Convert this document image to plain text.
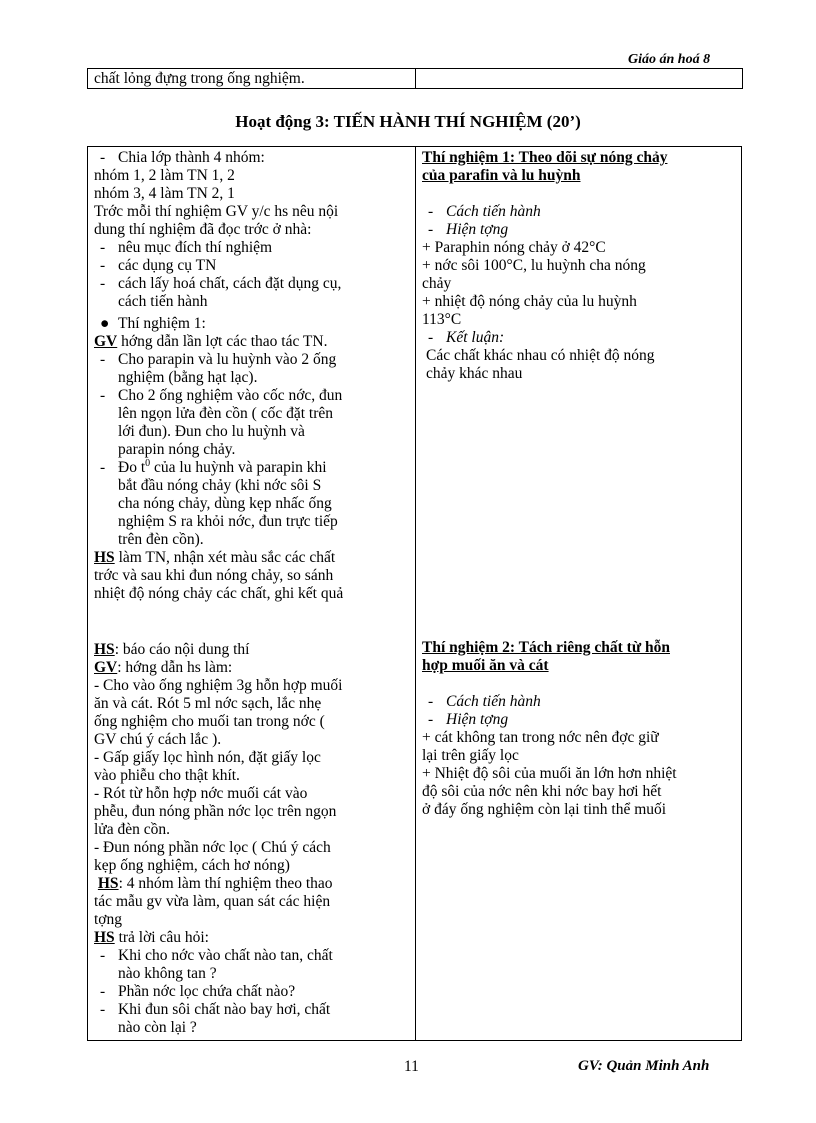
Giáo án hoá 8
chất lỏng đựng trong ống nghiệm.
Hoạt động 3: TIẾN HÀNH THÍ NGHIỆM (20’)
- Chia lớp thành 4 nhóm:
nhóm 1, 2 làm TN 1, 2
nhóm 3, 4 làm TN 2, 1
Trớc mỗi thí nghiệm GV y/c hs nêu nội
dung thí nghiệm đã đọc trớc ở nhà:
- nêu mục đích thí nghiệm
- các dụng cụ TN
- cách lấy hoá chất, cách đặt dụng cụ,
cách tiến hành
● Thí nghiệm 1:
GV hớng dẫn lần lợt các thao tác TN.
- Cho parapin và lu huỳnh vào 2 ống
nghiệm (bằng hạt lạc).
- Cho 2 ống nghiệm vào cốc nớc, đun
lên ngọn lửa đèn cồn ( cốc đặt trên
lới đun). Đun cho lu huỳnh và
parapin nóng chảy.
- Đo $t^0$ của lu huỳnh và parapin khi
bắt đầu nóng chảy (khi nớc sôi S
cha nóng chảy, dùng kẹp nhấc ống
nghiệm S ra khỏi nớc, đun trực tiếp
trên đèn cồn).
HS làm TN, nhận xét màu sắc các chất
trớc và sau khi đun nóng chảy, so sánh
nhiệt độ nóng chảy các chất, ghi kết quả
HS: báo cáo nội dung thí
GV: hớng dẫn hs làm:
- Cho vào ống nghiệm 3g hỗn hợp muối
ăn và cát. Rót 5 ml nớc sạch, lắc nhẹ
ống nghiệm cho muối tan trong nớc (
GV chú ý cách lắc ).
- Gấp giấy lọc hình nón, đặt giấy lọc
vào phiễu cho thật khít.
- Rót từ hỗn hợp nớc muối cát vào
phễu, đun nóng phần nớc lọc trên ngọn
lửa đèn cồn.
- Đun nóng phần nớc lọc ( Chú ý cách
kẹp ống nghiệm, cách hơ nóng)
HS: 4 nhóm làm thí nghiệm theo thao
tác mẫu gv vừa làm, quan sát các hiện
tợng
HS trả lời câu hỏi:
- Khi cho nớc vào chất nào tan, chất
nào không tan ?
- Phần nớc lọc chứa chất nào?
- Khi đun sôi chất nào bay hơi, chất
nào còn lại ?
Thí nghiệm 1: Theo dõi sự nóng chảy
của parafin và lu huỳnh
- Cách tiến hành
- Hiện tợng
+ Paraphin nóng chảy ở 42°C
+ nớc sôi 100°C, lu huỳnh cha nóng
chảy
+ nhiệt độ nóng chảy của lu huỳnh
113°C
- Kết luận:
Các chất khác nhau có nhiệt độ nóng
chảy khác nhau
Thí nghiệm 2: Tách riêng chất từ hỗn
hợp muối ăn và cát
- Cách tiến hành
- Hiện tợng
+ cát không tan trong nớc nên đợc giữ
lại trên giấy lọc
+ Nhiệt độ sôi của muối ăn lớn hơn nhiệt
độ sôi của nớc nên khi nớc bay hơi hết
ở đáy ống nghiệm còn lại tinh thể muối
11	GV: Quản Minh Anh
